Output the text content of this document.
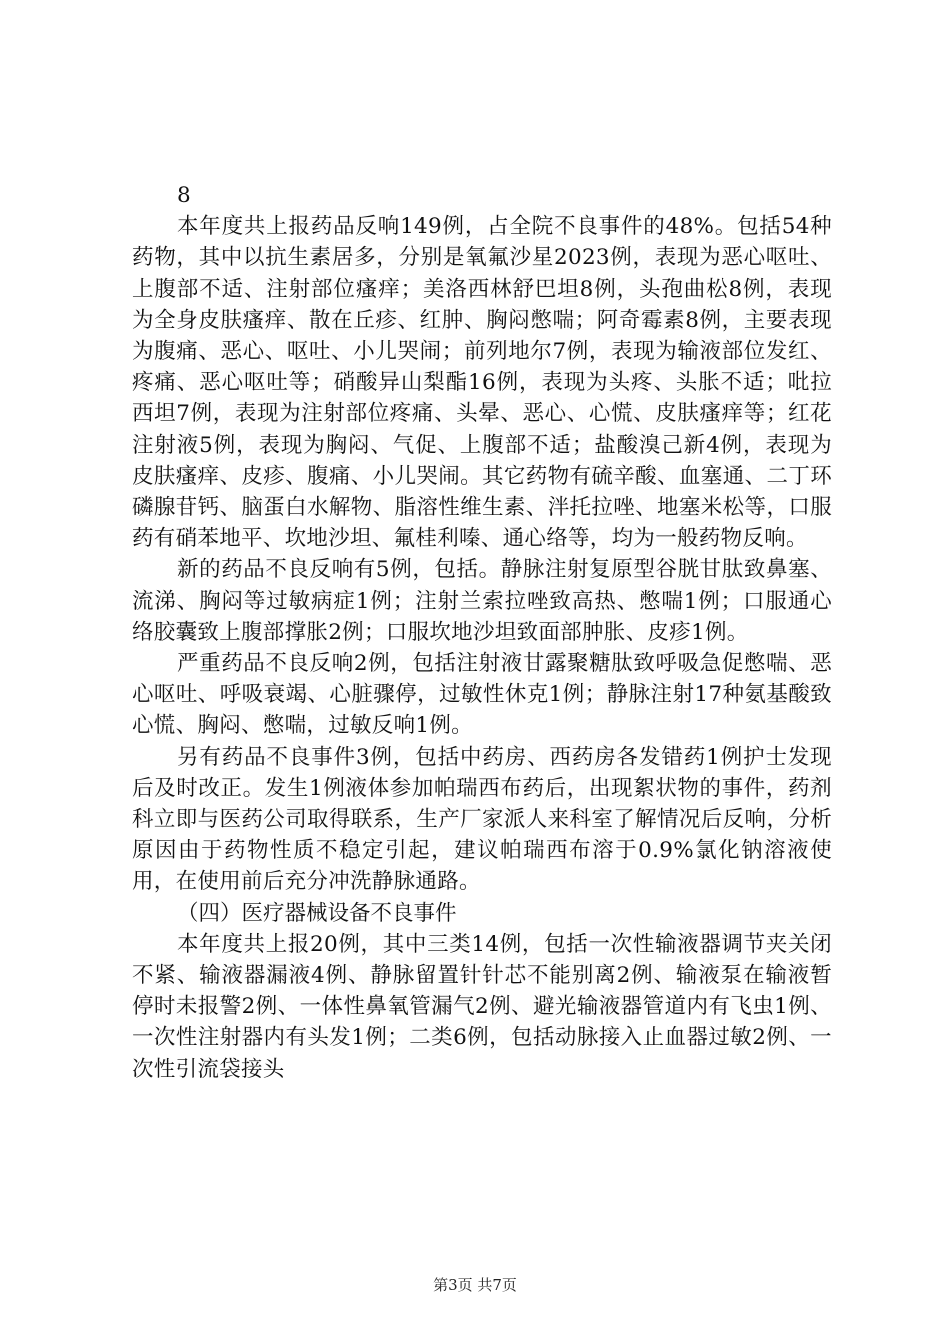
8

本年度共上报药品反响149例，占全院不良事件的48%。包括54种药物，其中以抗生素居多，分别是氧氟沙星2023例，表现为恶心呕吐、上腹部不适、注射部位瘙痒；美洛西林舒巴坦8例，头孢曲松8例，表现为全身皮肤瘙痒、散在丘疹、红肿、胸闷憋喘；阿奇霉素8例，主要表现为腹痛、恶心、呕吐、小儿哭闹；前列地尔7例，表现为输液部位发红、疼痛、恶心呕吐等；硝酸异山梨酯16例，表现为头疼、头胀不适；吡拉西坦7例，表现为注射部位疼痛、头晕、恶心、心慌、皮肤瘙痒等；红花注射液5例，表现为胸闷、气促、上腹部不适；盐酸溴己新4例，表现为皮肤瘙痒、皮疹、腹痛、小儿哭闹。其它药物有硫辛酸、血塞通、二丁环磷腺苷钙、脑蛋白水解物、脂溶性维生素、泮托拉唑、地塞米松等，口服药有硝苯地平、坎地沙坦、氟桂利嗪、通心络等，均为一般药物反响。

新的药品不良反响有5例，包括。静脉注射复原型谷胱甘肽致鼻塞、流涕、胸闷等过敏病症1例；注射兰索拉唑致高热、憋喘1例；口服通心络胶囊致上腹部撑胀2例；口服坎地沙坦致面部肿胀、皮疹1例。

严重药品不良反响2例，包括注射液甘露聚糖肽致呼吸急促憋喘、恶心呕吐、呼吸衰竭、心脏骤停，过敏性休克1例；静脉注射17种氨基酸致心慌、胸闷、憋喘，过敏反响1例。

另有药品不良事件3例，包括中药房、西药房各发错药1例护士发现后及时改正。发生1例液体参加帕瑞西布药后，出现絮状物的事件，药剂科立即与医药公司取得联系，生产厂家派人来科室了解情况后反响，分析原因由于药物性质不稳定引起，建议帕瑞西布溶于0.9%氯化钠溶液使用，在使用前后充分冲洗静脉通路。

（四）医疗器械设备不良事件

本年度共上报20例，其中三类14例，包括一次性输液器调节夹关闭不紧、输液器漏液4例、静脉留置针针芯不能别离2例、输液泵在输液暂停时未报警2例、一体性鼻氧管漏气2例、避光输液器管道内有飞虫1例、一次性注射器内有头发1例；二类6例，包括动脉接入止血器过敏2例、一次性引流袋接头

第3页 共7页
